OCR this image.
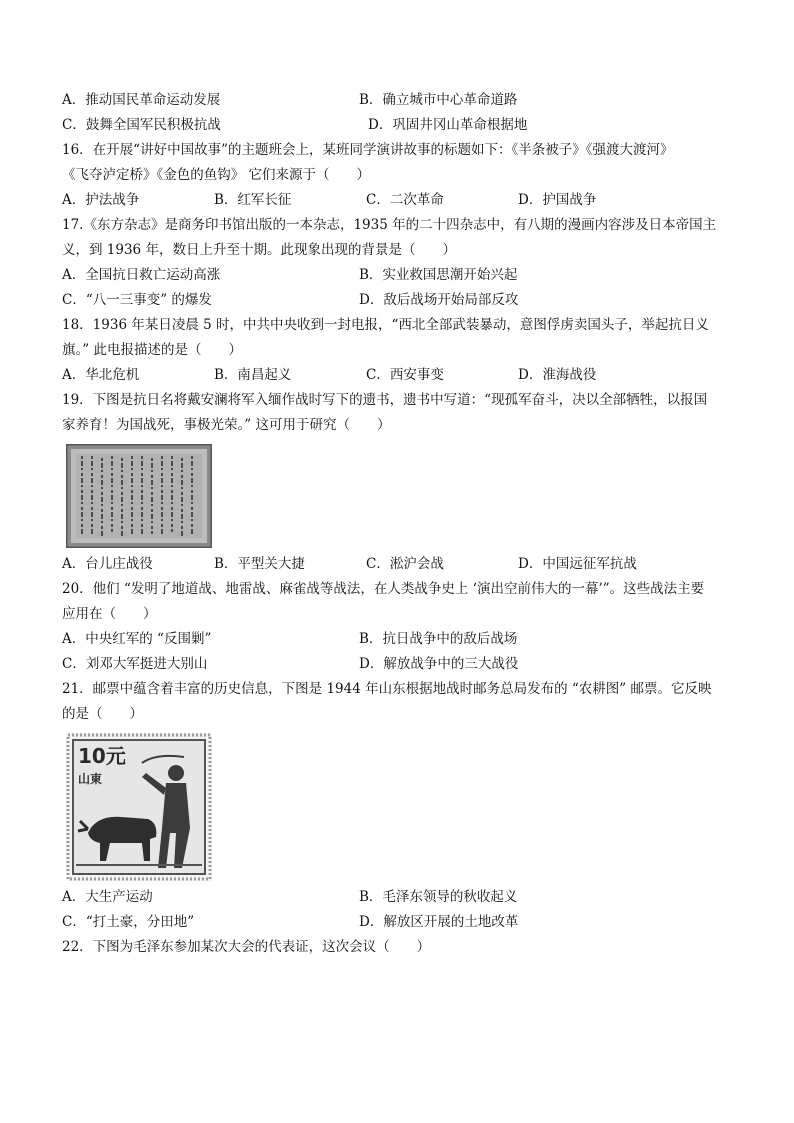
A．推动国民革命运动发展	B．确立城市中心革命道路
C．鼓舞全国军民积极抗战	D．巩固井冈山革命根据地
16．在开展“讲好中国故事”的主题班会上，某班同学演讲故事的标题如下：《半条被子》《强渡大渡河》
《飞夺泸定桥》《金色的鱼钩》 它们来源于（　　）
A．护法战争	B．红军长征	C．二次革命	D．护国战争
17.《东方杂志》是商务印书馆出版的一本杂志，1935 年的二十四杂志中，有八期的漫画内容涉及日本帝国主
义，到 1936 年，数日上升至十期。此现象出现的背景是（　　）
A．全国抗日救亡运动高涨	B．实业救国思潮开始兴起
C．“八一三事变” 的爆发	D．敌后战场开始局部反攻
18．1936 年某日凌晨 5 时，中共中央收到一封电报，“西北全部武装暴动，意图俘虏卖国头子，举起抗日义
旗。” 此电报描述的是（　　）
A．华北危机	B．南昌起义	C．西安事变	D．淮海战役
19．下图是抗日名将戴安澜将军入缅作战时写下的遗书，遗书中写道：“现孤军奋斗，决以全部牺牲，以报国
家养育！为国战死，事极光荣。” 这可用于研究（　　）
A．台儿庄战役	B．平型关大捷	C．淞沪会战	D．中国远征军抗战
20．他们 “发明了地道战、地雷战、麻雀战等战法，在人类战争史上 ‘演出空前伟大的一幕’”。这些战法主要
应用在（　　）
A．中央红军的 “反围剿”	B．抗日战争中的敌后战场
C．刘邓大军挺进大别山	D．解放战争中的三大战役
21．邮票中蕴含着丰富的历史信息，下图是 1944 年山东根据地战时邮务总局发布的 “农耕图” 邮票。它反映
的是（　　）
10元
山東
A．大生产运动	B．毛泽东领导的秋收起义
C．“打土豪，分田地”	D．解放区开展的土地改革
22．下图为毛泽东参加某次大会的代表证，这次会议（　　）
